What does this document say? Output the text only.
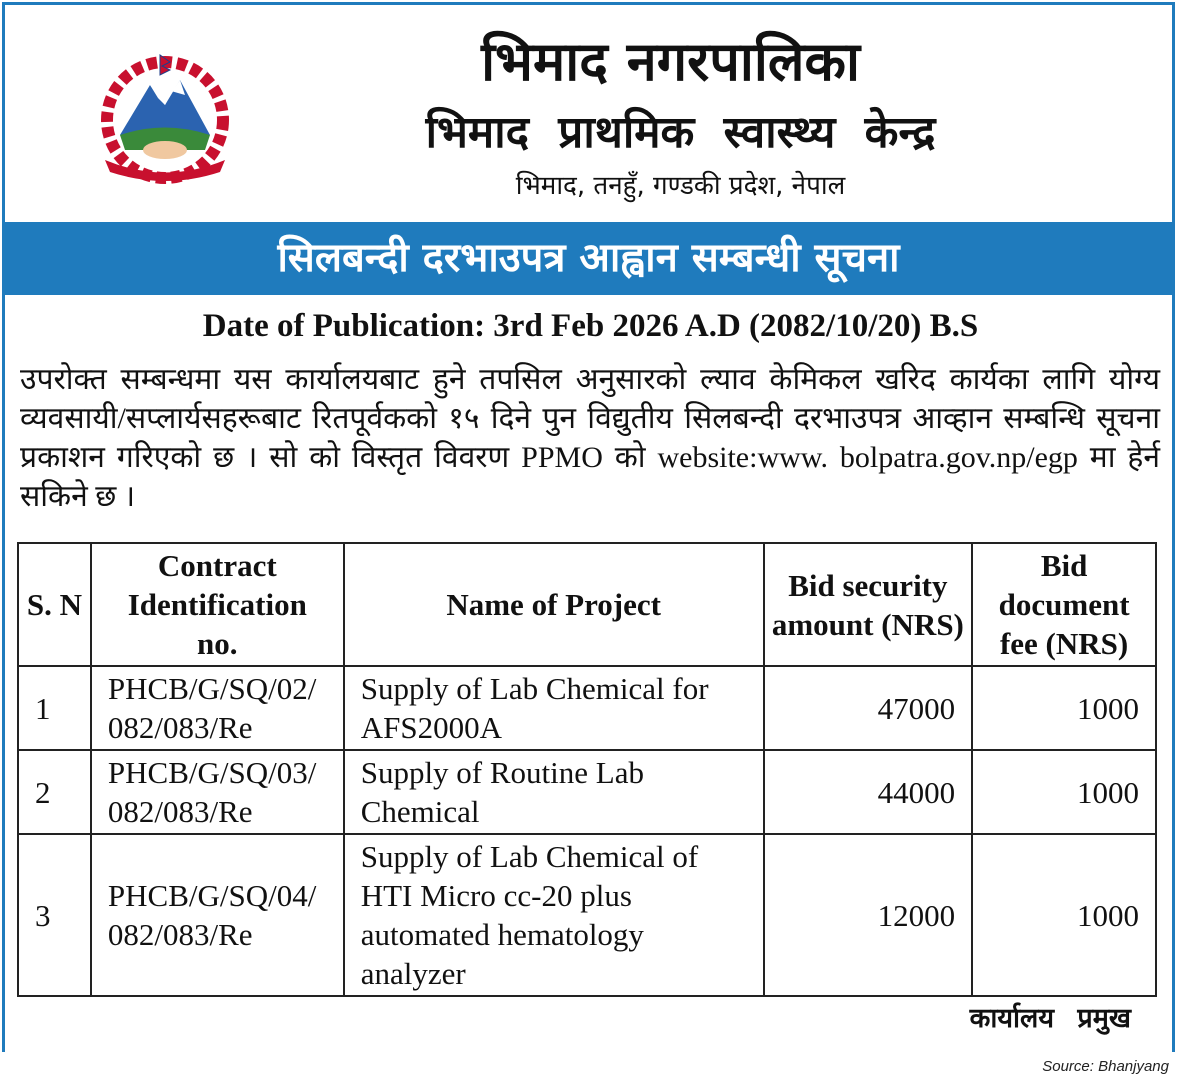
भिमाद नगरपालिका
भिमाद प्राथमिक स्वास्थ्य केन्द्र
भिमाद, तनहुँ, गण्डकी प्रदेश, नेपाल
सिलबन्दी दरभाउपत्र आह्वान सम्बन्धी सूचना
Date of Publication: 3rd Feb 2026 A.D (2082/10/20) B.S
उपरोक्त सम्बन्धमा यस कार्यालयबाट हुने तपसिल अनुसारको ल्याव केमिकल खरिद कार्यका लागि योग्य व्यवसायी/सप्लार्यसहरूबाट रितपूर्वकको १५ दिने पुन विद्युतीय सिलबन्दी दरभाउपत्र आव्हान सम्बन्धि सूचना प्रकाशन गरिएको छ । सो को विस्तृत विवरण PPMO को website:www. bolpatra.gov.np/egp मा हेर्न सकिने छ ।
S. N	Contract Identification no.	Name of Project	Bid security amount (NRS)	Bid document fee (NRS)
1	PHCB/G/SQ/02/082/083/Re	Supply of Lab Chemical for AFS2000A	47000	1000
2	PHCB/G/SQ/03/082/083/Re	Supply of Routine Lab Chemical	44000	1000
3	PHCB/G/SQ/04/082/083/Re	Supply of Lab Chemical of HTI Micro cc-20 plus automated hematology analyzer	12000	1000
कार्यालय प्रमुख
Source: Bhanjyang
